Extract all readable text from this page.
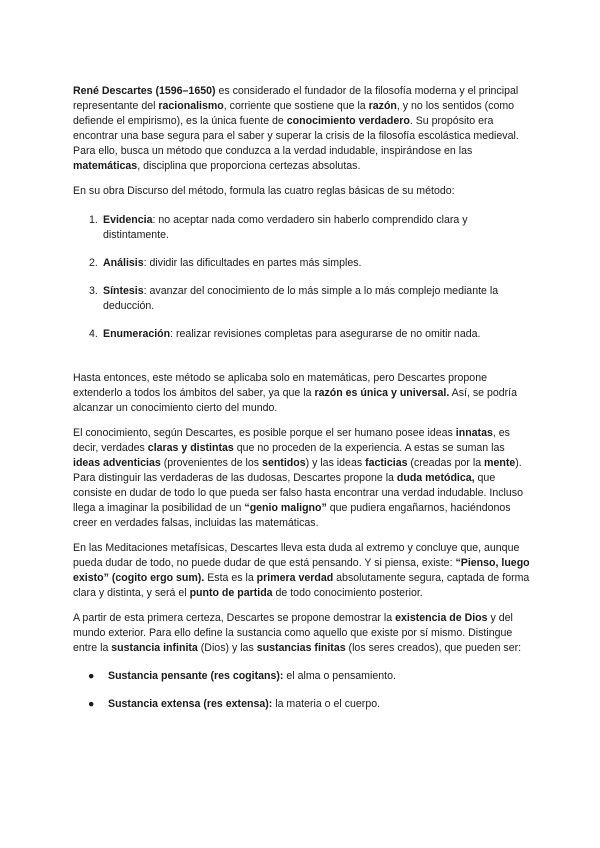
René Descartes (1596–1650) es considerado el fundador de la filosofía moderna y el principal representante del racionalismo, corriente que sostiene que la razón, y no los sentidos (como defiende el empirismo), es la única fuente de conocimiento verdadero. Su propósito era encontrar una base segura para el saber y superar la crisis de la filosofía escolástica medieval. Para ello, busca un método que conduzca a la verdad indudable, inspirándose en las matemáticas, disciplina que proporciona certezas absolutas.

En su obra Discurso del método, formula las cuatro reglas básicas de su método:

1. Evidencia: no aceptar nada como verdadero sin haberlo comprendido clara y distintamente.
2. Análisis: dividir las dificultades en partes más simples.
3. Síntesis: avanzar del conocimiento de lo más simple a lo más complejo mediante la deducción.
4. Enumeración: realizar revisiones completas para asegurarse de no omitir nada.

Hasta entonces, este método se aplicaba solo en matemáticas, pero Descartes propone extenderlo a todos los ámbitos del saber, ya que la razón es única y universal. Así, se podría alcanzar un conocimiento cierto del mundo.

El conocimiento, según Descartes, es posible porque el ser humano posee ideas innatas, es decir, verdades claras y distintas que no proceden de la experiencia. A estas se suman las ideas adventicias (provenientes de los sentidos) y las ideas facticias (creadas por la mente). Para distinguir las verdaderas de las dudosas, Descartes propone la duda metódica, que consiste en dudar de todo lo que pueda ser falso hasta encontrar una verdad indudable. Incluso llega a imaginar la posibilidad de un “genio maligno” que pudiera engañarnos, haciéndonos creer en verdades falsas, incluidas las matemáticas.

En las Meditaciones metafísicas, Descartes lleva esta duda al extremo y concluye que, aunque pueda dudar de todo, no puede dudar de que está pensando. Y si piensa, existe: “Pienso, luego existo” (cogito ergo sum). Esta es la primera verdad absolutamente segura, captada de forma clara y distinta, y será el punto de partida de todo conocimiento posterior.

A partir de esta primera certeza, Descartes se propone demostrar la existencia de Dios y del mundo exterior. Para ello define la sustancia como aquello que existe por sí mismo. Distingue entre la sustancia infinita (Dios) y las sustancias finitas (los seres creados), que pueden ser:

● Sustancia pensante (res cogitans): el alma o pensamiento.
● Sustancia extensa (res extensa): la materia o el cuerpo.
